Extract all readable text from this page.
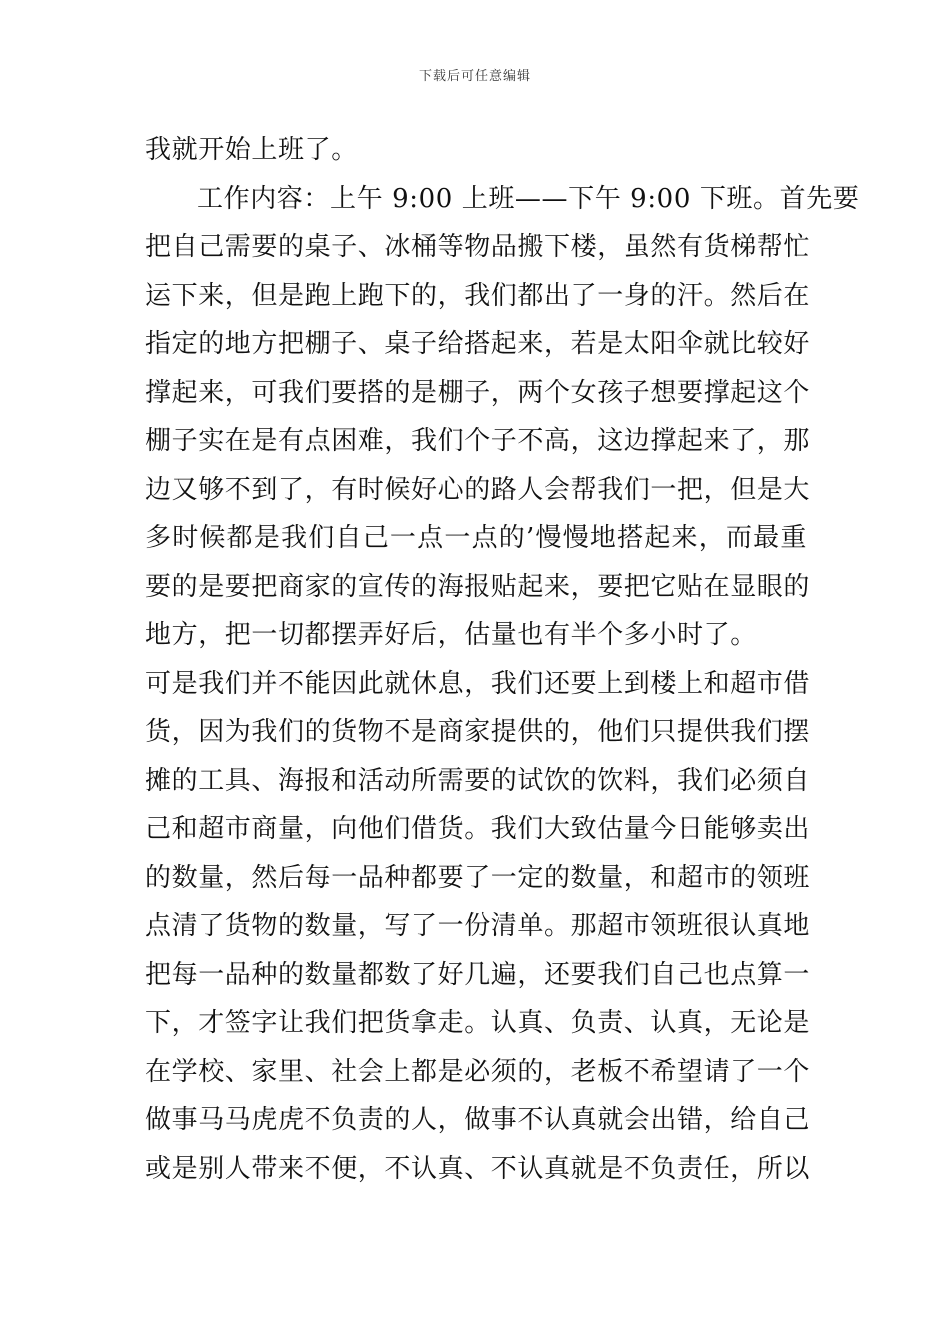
下载后可任意编辑
我就开始上班了。
工作内容：上午 9:00 上班——下午 9:00 下班。首先要
把自己需要的桌子、冰桶等物品搬下楼，虽然有货梯帮忙
运下来，但是跑上跑下的，我们都出了一身的汗。然后在
指定的地方把棚子、桌子给搭起来，若是太阳伞就比较好
撑起来，可我们要搭的是棚子，两个女孩子想要撑起这个
棚子实在是有点困难，我们个子不高，这边撑起来了，那
边又够不到了，有时候好心的路人会帮我们一把，但是大
多时候都是我们自己一点一点的’慢慢地搭起来，而最重
要的是要把商家的宣传的海报贴起来，要把它贴在显眼的
地方，把一切都摆弄好后，估量也有半个多小时了。
可是我们并不能因此就休息，我们还要上到楼上和超市借
货，因为我们的货物不是商家提供的，他们只提供我们摆
摊的工具、海报和活动所需要的试饮的饮料，我们必须自
己和超市商量，向他们借货。我们大致估量今日能够卖出
的数量，然后每一品种都要了一定的数量，和超市的领班
点清了货物的数量，写了一份清单。那超市领班很认真地
把每一品种的数量都数了好几遍，还要我们自己也点算一
下，才签字让我们把货拿走。认真、负责、认真，无论是
在学校、家里、社会上都是必须的，老板不希望请了一个
做事马马虎虎不负责的人，做事不认真就会出错，给自己
或是别人带来不便，不认真、不认真就是不负责任，所以
